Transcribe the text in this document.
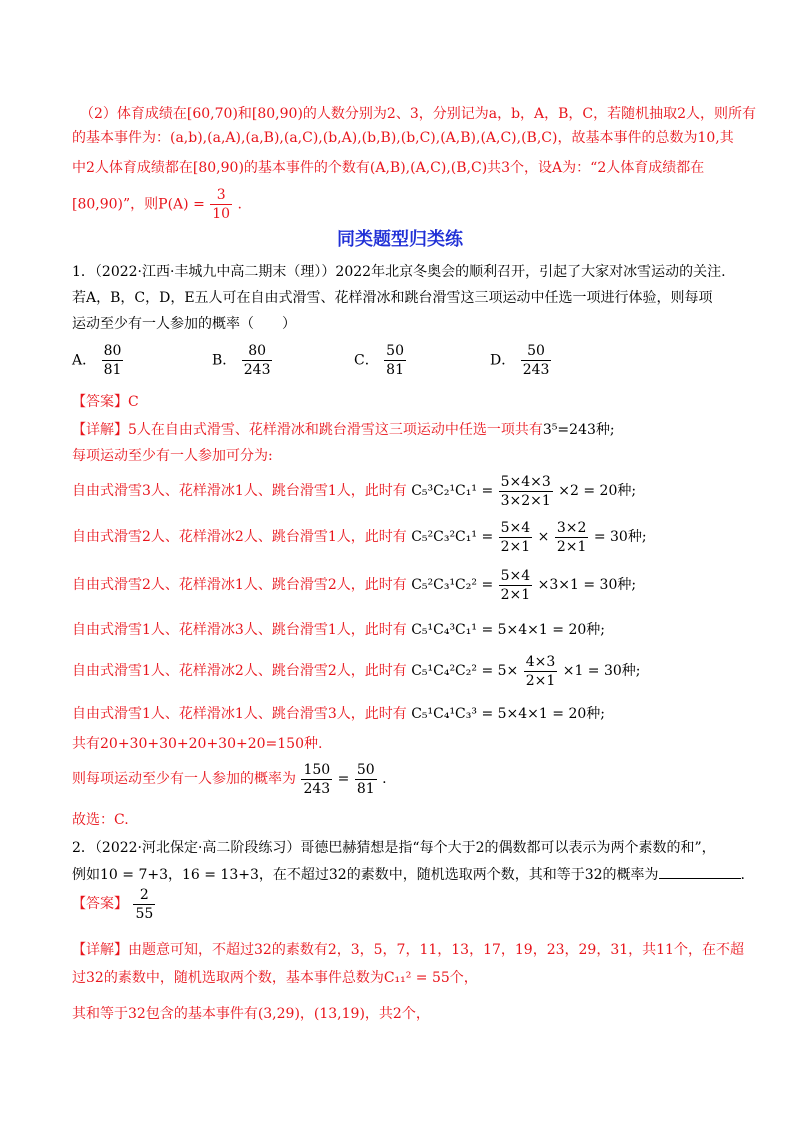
（2）体育成绩在[60,70)和[80,90)的人数分别为2、3，分别记为a，b，A，B，C，若随机抽取2人，则所有
的基本事件为：(a,b),(a,A),(a,B),(a,C),(b,A),(b,B),(b,C),(A,B),(A,C),(B,C)，故基本事件的总数为10,其
中2人体育成绩都在[80,90)的基本事件的个数有(A,B),(A,C),(B,C)共3个，设A为：“2人体育成绩都在
[80,90)”，则$P(A) = \frac{3}{10}$ .
同类题型归类练
1．（2022·江西·丰城九中高二期末（理））2022年北京冬奥会的顺利召开，引起了大家对冰雪运动的关注.
若A，B，C，D，E五人可在自由式滑雪、花样滑冰和跳台滑雪这三项运动中任选一项进行体验，则每项
运动至少有一人参加的概率（　　）
A． $\frac{80}{81}$	B． $\frac{80}{243}$	C． $\frac{50}{81}$	D． $\frac{50}{243}$
【答案】C
【详解】5人在自由式滑雪、花样滑冰和跳台滑雪这三项运动中任选一项共有3⁵=243种;
每项运动至少有一人参加可分为:
自由式滑雪3人、花样滑冰1人、跳台滑雪1人，此时有 $C_5^3C_2^1C_1^1 = \frac{5\times 4\times 3}{3\times 2\times 1} \times 2 = 20$种;
自由式滑雪2人、花样滑冰2人、跳台滑雪1人，此时有 $C_5^2C_3^2C_1^1 = \frac{5\times 4}{2\times 1} \times \frac{3\times 2}{2\times 1} = 30$种;
自由式滑雪2人、花样滑冰1人、跳台滑雪2人，此时有 $C_5^2C_3^1C_2^2 = \frac{5\times 4}{2\times 1} \times 3\times 1 = 30$种;
自由式滑雪1人、花样滑冰3人、跳台滑雪1人，此时有 C₅¹C₄³C₁¹ = 5×4×1 = 20种;
自由式滑雪1人、花样滑冰2人、跳台滑雪2人，此时有 $C_5^1C_4^2C_2^2 = 5\times \frac{4\times 3}{2\times 1} \times 1 = 30$种;
自由式滑雪1人、花样滑冰1人、跳台滑雪3人，此时有 C₅¹C₄¹C₃³ = 5×4×1 = 20种;
共有20+30+30+20+30+20=150种.
则每项运动至少有一人参加的概率为 $\frac{150}{243} = \frac{50}{81}$ .
故选：C.
2．（2022·河北保定·高二阶段练习）哥德巴赫猜想是指“每个大于2的偶数都可以表示为两个素数的和”，
例如10 = 7+3，16 = 13+3，在不超过32的素数中，随机选取两个数，其和等于32的概率为	.
【答案】 $\frac{2}{55}$
【详解】由题意可知，不超过32的素数有2，3，5，7，11，13，17，19，23，29，31，共11个，在不超
过32的素数中，随机选取两个数，基本事件总数为C₁₁² = 55个，
其和等于32包含的基本事件有(3,29)，(13,19)，共2个，
